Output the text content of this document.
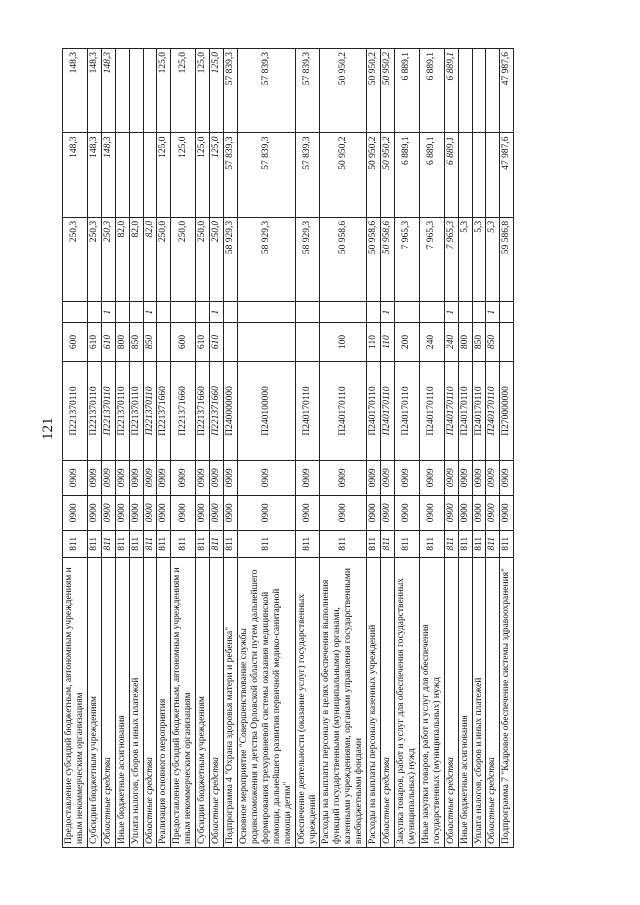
121
Предоставление субсидий бюджетным, автономным учреждениям и иным некоммерческим организациям	811	0900	0909	П221370110	600		250,3	148,3	148,3
Субсидии бюджетным учреждениям	811	0900	0909	П221370110	610		250,3	148,3	148,3
Областные средства	811	0900	0909	П221370110	610	1	250,3	148,3	148,3
Иные бюджетные ассигнования	811	0900	0909	П221370110	800		82,0		
Уплата налогов, сборов и иных платежей	811	0900	0909	П221370110	850		82,0		
Областные средства	811	0900	0909	П221370110	850	1	82,0		
Реализация основного мероприятия	811	0900	0909	П221371660			250,0	125,0	125,0
Предоставление субсидий бюджетным, автономным учреждениям и иным некоммерческим организациям	811	0900	0909	П221371660	600		250,0	125,0	125,0
Субсидии бюджетным учреждениям	811	0900	0909	П221371660	610		250,0	125,0	125,0
Областные средства	811	0900	0909	П221371660	610	1	250,0	125,0	125,0
Подпрограмма 4 "Охрана здоровья матери и ребенка"	811	0900	0909	П240000000			58 929,3	57 839,3	57 839,3
Основное мероприятие "Совершенствование службы родовспоможения и детства Орловской области путем дальнейшего формирования трехуровневой системы оказания медицинской помощи, дальнейшего развития первичной медико-санитарной помощи детям"	811	0900	0909	П240100000			58 929,3	57 839,3	57 839,3
Обеспечение деятельности (оказание услуг) государственных учреждений	811	0900	0909	П240170110			58 929,3	57 839,3	57 839,3
Расходы на выплаты персоналу в целях обеспечения выполнения функций государственными (муниципальными) органами, казенными учреждениями, органами управления государственными внебюджетными фондами	811	0900	0909	П240170110	100		50 958,6	50 950,2	50 950,2
Расходы на выплаты персоналу казенных учреждений	811	0900	0909	П240170110	110		50 958,6	50 950,2	50 950,2
Областные средства	811	0900	0909	П240170110	110	1	50 958,6	50 950,2	50 950,2
Закупка товаров, работ и услуг для обеспечения государственных (муниципальных) нужд	811	0900	0909	П240170110	200		7 965,3	6 889,1	6 889,1
Иные закупки товаров, работ и услуг для обеспечения государственных (муниципальных) нужд	811	0900	0909	П240170110	240		7 965,3	6 889,1	6 889,1
Областные средства	811	0900	0909	П240170110	240	1	7 965,3	6 889,1	6 889,1
Иные бюджетные ассигнования	811	0900	0909	П240170110	800		5,3		
Уплата налогов, сборов и иных платежей	811	0900	0909	П240170110	850		5,3		
Областные средства	811	0900	0909	П240170110	850	1	5,3		
Подпрограмма 7 "Кадровое обеспечение системы здравоохранения"	811	0900	0909	П270000000			59 586,8	47 987,6	47 987,6
